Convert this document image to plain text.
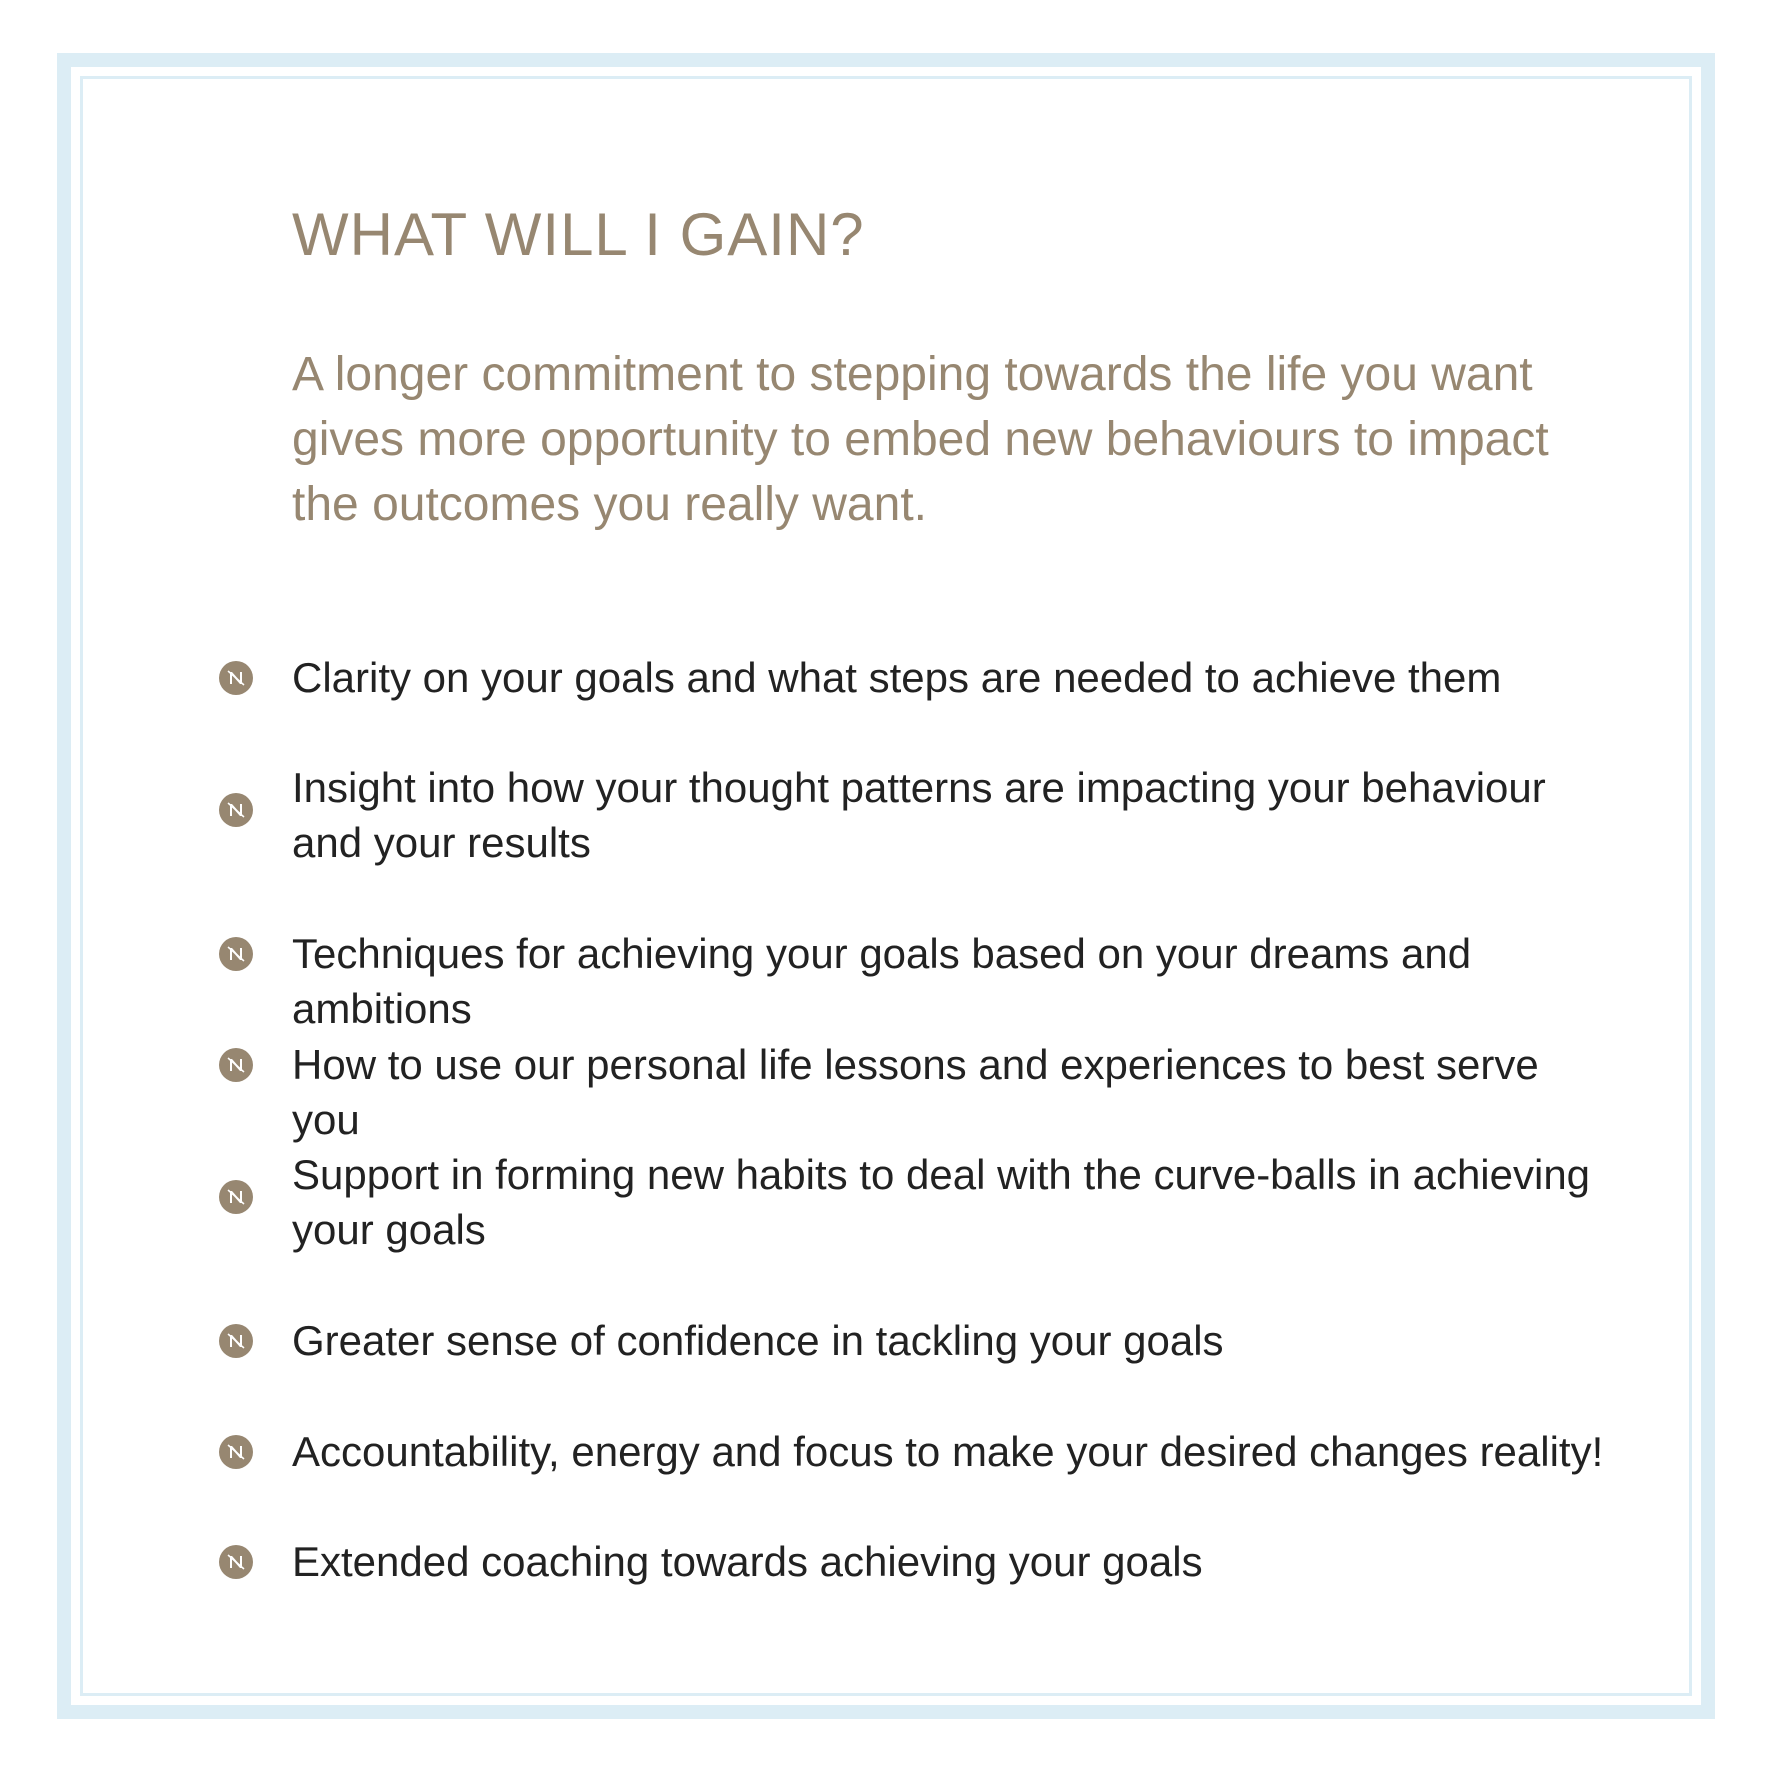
WHAT WILL I GAIN?

A longer commitment to stepping towards the life you want gives more opportunity to embed new behaviours to impact the outcomes you really want.

Clarity on your goals and what steps are needed to achieve them
Insight into how your thought patterns are impacting your behaviour and your results
Techniques for achieving your goals based on your dreams and ambitions
How to use our personal life lessons and experiences to best serve you
Support in forming new habits to deal with the curve-balls in achieving your goals
Greater sense of confidence in tackling your goals
Accountability, energy and focus to make your desired changes reality!
Extended coaching towards achieving your goals
